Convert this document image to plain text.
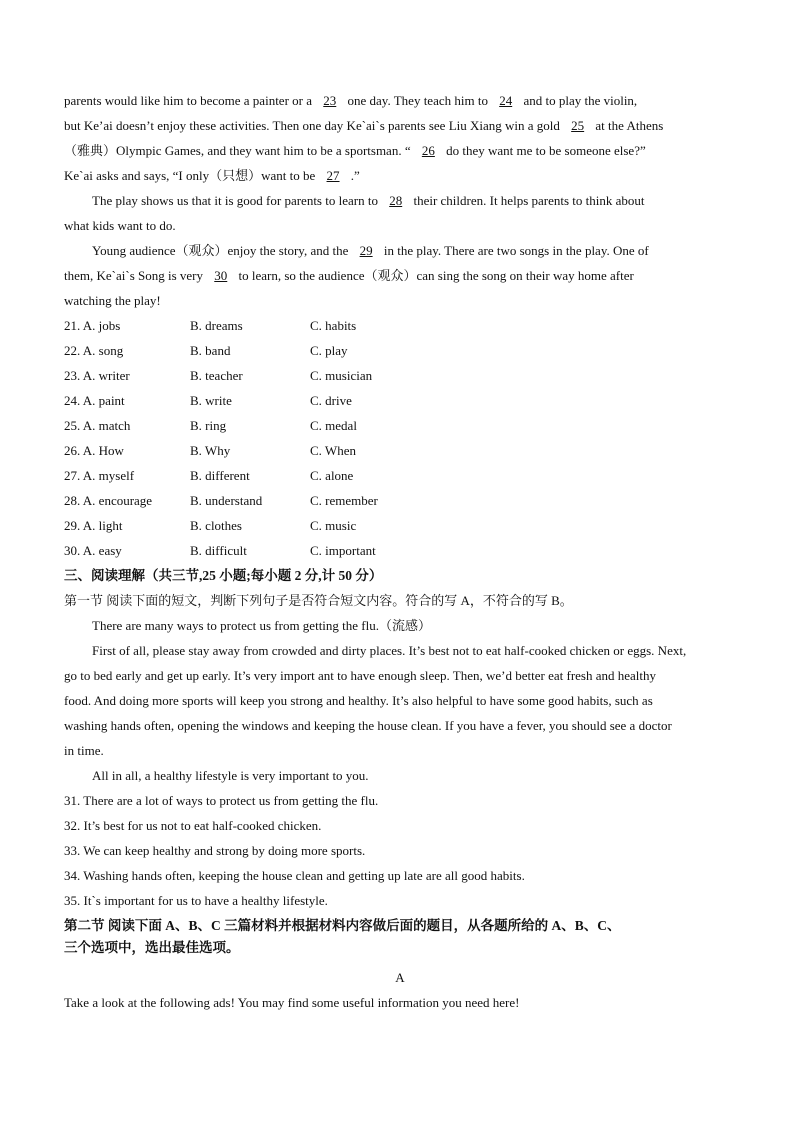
parents would like him to become a painter or a 23 one day. They teach him to 24 and to play the violin,
but Ke’ai doesn’t enjoy these activities. Then one day Ke`ai`s parents see Liu Xiang win a gold 25 at the Athens
（雅典）Olympic Games, and they want him to be a sportsman. “ 26 do they want me to be someone else?”
Ke`ai asks and says, “I only（只想）want to be 27 .”
The play shows us that it is good for parents to learn to 28 their children. It helps parents to think about
what kids want to do.
Young audience（观众）enjoy the story, and the 29 in the play. There are two songs in the play. One of
them, Ke`ai`s Song is very 30 to learn, so the audience（观众）can sing the song on their way home after
watching the play!
21. A. jobs	B. dreams	C. habits
22. A. song	B. band	C. play
23. A. writer	B. teacher	C. musician
24. A. paint	B. write	C. drive
25. A. match	B. ring	C. medal
26. A. How	B. Why	C. When
27. A. myself	B. different	C. alone
28. A. encourage	B. understand	C. remember
29. A. light	B. clothes	C. music
30. A. easy	B. difficult	C. important
三、阅读理解（共三节,25 小题;每小题 2 分,计 50 分）
第一节 阅读下面的短文，判断下列句子是否符合短文内容。符合的写 A，不符合的写 B。
There are many ways to protect us from getting the flu.（流感）
First of all, please stay away from crowded and dirty places. It’s best not to eat half-cooked chicken or eggs. Next,
go to bed early and get up early. It’s very import ant to have enough sleep. Then, we’d better eat fresh and healthy
food. And doing more sports will keep you strong and healthy. It’s also helpful to have some good habits, such as
washing hands often, opening the windows and keeping the house clean. If you have a fever, you should see a doctor
in time.
All in all, a healthy lifestyle is very important to you.
31. There are a lot of ways to protect us from getting the flu.
32. It’s best for us not to eat half-cooked chicken.
33. We can keep healthy and strong by doing more sports.
34. Washing hands often, keeping the house clean and getting up late are all good habits.
35. It`s important for us to have a healthy lifestyle.
第二节 阅读下面 A、B、C 三篇材料并根据材料内容做后面的题目，从各题所给的 A、B、C、
三个选项中，选出最佳选项。
A
Take a look at the following ads! You may find some useful information you need here!
